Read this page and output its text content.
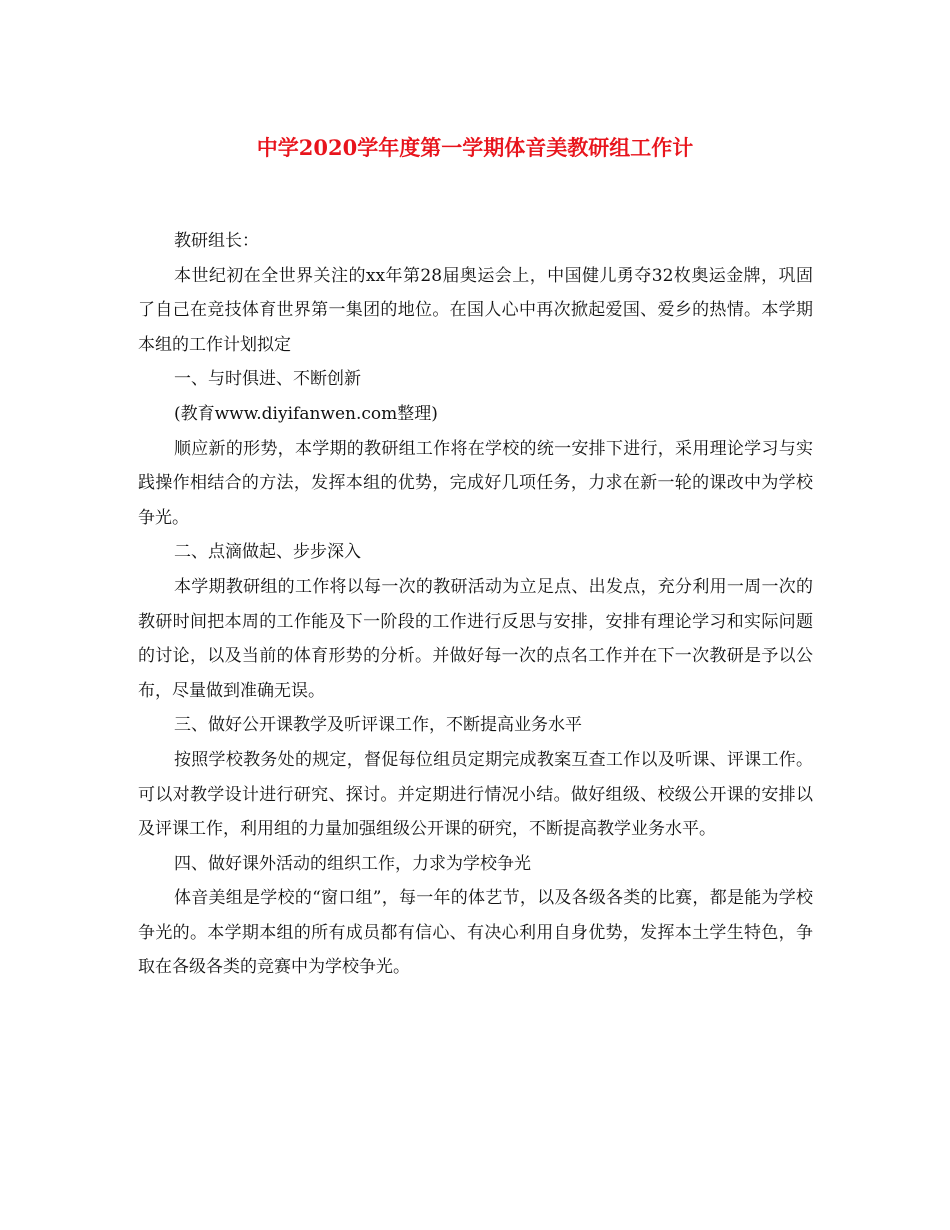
中学2020学年度第一学期体音美教研组工作计

教研组长：

本世纪初在全世界关注的xx年第28届奥运会上，中国健儿勇夺32枚奥运金牌，巩固了自己在竞技体育世界第一集团的地位。在国人心中再次掀起爱国、爱乡的热情。本学期本组的工作计划拟定

一、与时俱进、不断创新

(教育www.diyifanwen.com整理)

顺应新的形势，本学期的教研组工作将在学校的统一安排下进行，采用理论学习与实践操作相结合的方法，发挥本组的优势，完成好几项任务，力求在新一轮的课改中为学校争光。

二、点滴做起、步步深入

本学期教研组的工作将以每一次的教研活动为立足点、出发点，充分利用一周一次的教研时间把本周的工作能及下一阶段的工作进行反思与安排，安排有理论学习和实际问题的讨论，以及当前的体育形势的分析。并做好每一次的点名工作并在下一次教研是予以公布，尽量做到准确无误。

三、做好公开课教学及听评课工作，不断提高业务水平

按照学校教务处的规定，督促每位组员定期完成教案互查工作以及听课、评课工作。可以对教学设计进行研究、探讨。并定期进行情况小结。做好组级、校级公开课的安排以及评课工作，利用组的力量加强组级公开课的研究，不断提高教学业务水平。

四、做好课外活动的组织工作，力求为学校争光

体音美组是学校的“窗口组”，每一年的体艺节，以及各级各类的比赛，都是能为学校争光的。本学期本组的所有成员都有信心、有决心利用自身优势，发挥本土学生特色，争取在各级各类的竞赛中为学校争光。
